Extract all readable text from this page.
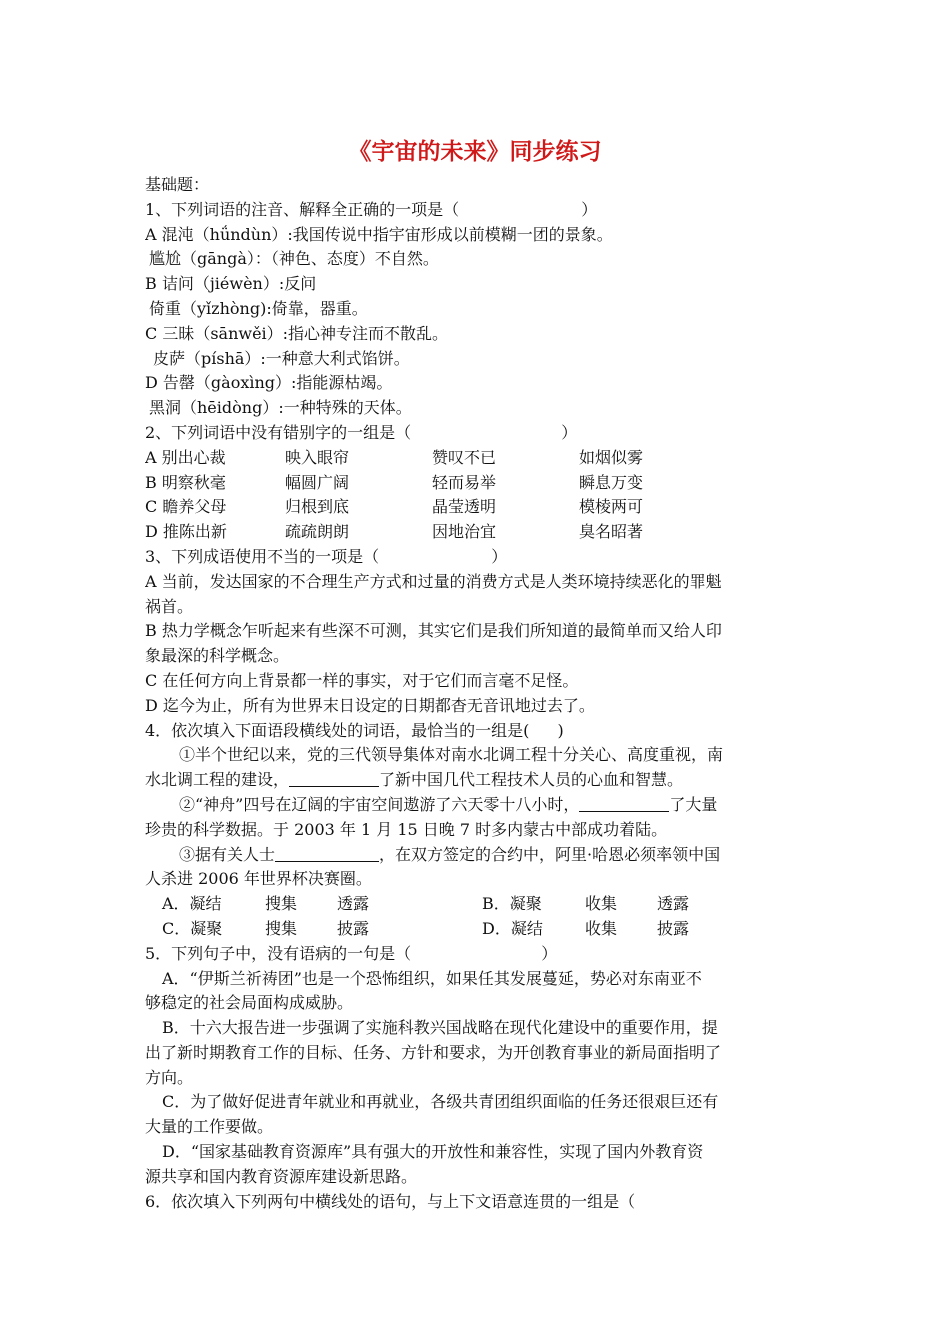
《宇宙的未来》同步练习
基础题：
1、下列词语的注音、解释全正确的一项是（	）
A 混沌（hǘndùn）:我国传说中指宇宙形成以前模糊一团的景象。
尴尬（gāngà）：（神色、态度）不自然。
B 诘问（jiéwèn）:反问
倚重（yǐzhòng):倚靠，器重。
C 三昧（sānwěi）:指心神专注而不散乱。
皮萨（píshā）:一种意大利式馅饼。
D 告罄（gàoxìng）:指能源枯竭。
黑洞（hēidòng）:一种特殊的天体。
2、下列词语中没有错别字的一组是（	）
A 别出心裁	映入眼帘	赞叹不已	如烟似雾
B 明察秋毫	幅圆广阔	轻而易举	瞬息万变
C 瞻养父母	归根到底	晶莹透明	模棱两可
D 推陈出新	疏疏朗朗	因地治宜	臭名昭著
3、下列成语使用不当的一项是（	）
A 当前，发达国家的不合理生产方式和过量的消费方式是人类环境持续恶化的罪魁
祸首。
B 热力学概念乍听起来有些深不可测，其实它们是我们所知道的最简单而又给人印
象最深的科学概念。
C 在任何方向上背景都一样的事实，对于它们而言毫不足怪。
D 迄今为止，所有为世界末日设定的日期都杳无音讯地过去了。
4．依次填入下面语段横线处的词语，最恰当的一组是( )
①半个世纪以来，党的三代领导集体对南水北调工程十分关心、高度重视，南
水北调工程的建设，	了新中国几代工程技术人员的心血和智慧。
②“神舟”四号在辽阔的宇宙空间遨游了六天零十八小时，	了大量
珍贵的科学数据。于 2003 年 1 月 15 日晚 7 时多内蒙古中部成功着陆。
③据有关人士	，在双方签定的合约中，阿里·哈恩必须率领中国
人杀进 2006 年世界杯决赛圈。
A．凝结	搜集 透露	B．凝聚	收集 透露
C．凝聚	搜集 披露	D．凝结	收集 披露
5．下列句子中，没有语病的一句是（	）
A．“伊斯兰祈祷团”也是一个恐怖组织，如果任其发展蔓延，势必对东南亚不
够稳定的社会局面构成威胁。
B．十六大报告进一步强调了实施科教兴国战略在现代化建设中的重要作用，提
出了新时期教育工作的目标、任务、方针和要求，为开创教育事业的新局面指明了
方向。
C．为了做好促进青年就业和再就业，各级共青团组织面临的任务还很艰巨还有
大量的工作要做。
D．“国家基础教育资源库”具有强大的开放性和兼容性，实现了国内外教育资
源共享和国内教育资源库建设新思路。
6．依次填入下列两句中横线处的语句，与上下文语意连贯的一组是（
